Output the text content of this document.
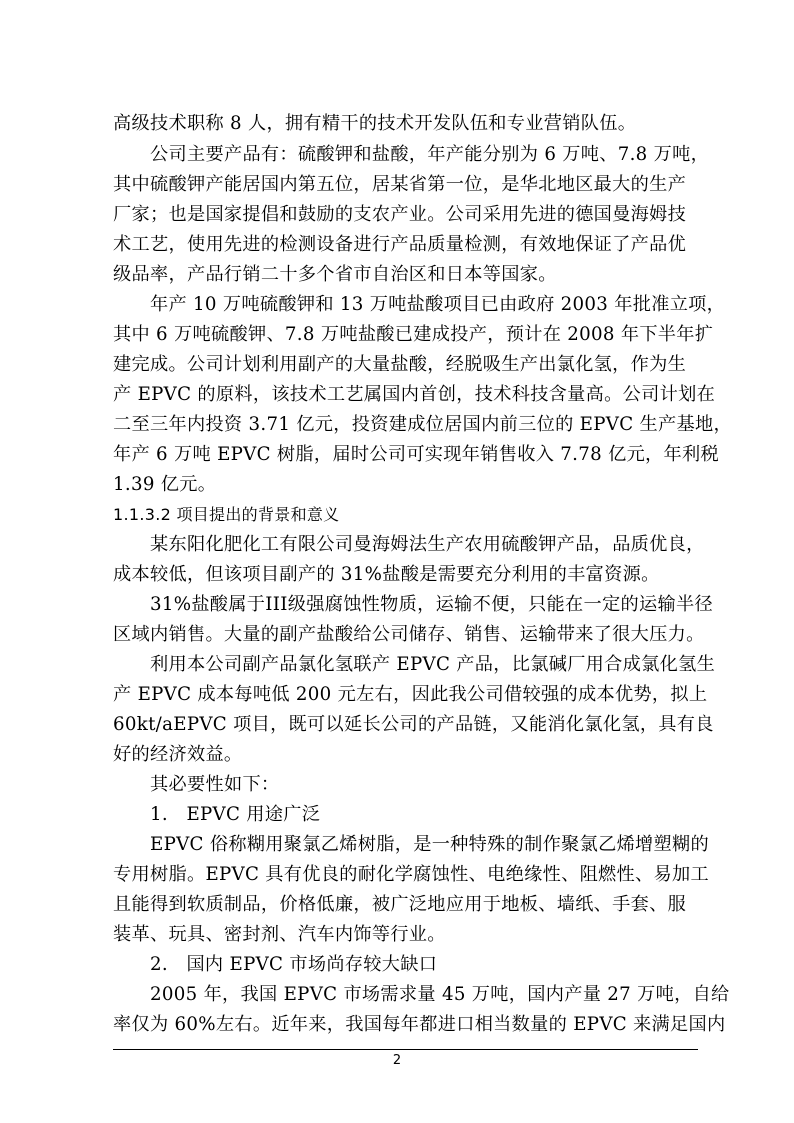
高级技术职称 8 人，拥有精干的技术开发队伍和专业营销队伍。
公司主要产品有：硫酸钾和盐酸，年产能分别为 6 万吨、7.8 万吨，
其中硫酸钾产能居国内第五位，居某省第一位，是华北地区最大的生产
厂家；也是国家提倡和鼓励的支农产业。公司采用先进的德国曼海姆技
术工艺，使用先进的检测设备进行产品质量检测，有效地保证了产品优
级品率，产品行销二十多个省市自治区和日本等国家。
年产 10 万吨硫酸钾和 13 万吨盐酸项目已由政府 2003 年批准立项，
其中 6 万吨硫酸钾、7.8 万吨盐酸已建成投产，预计在 2008 年下半年扩
建完成。公司计划利用副产的大量盐酸，经脱吸生产出氯化氢，作为生
产 EPVC 的原料，该技术工艺属国内首创，技术科技含量高。公司计划在
二至三年内投资 3.71 亿元，投资建成位居国内前三位的 EPVC 生产基地，
年产 6 万吨 EPVC 树脂，届时公司可实现年销售收入 7.78 亿元，年利税
1.39 亿元。
1.1.3.2 项目提出的背景和意义
某东阳化肥化工有限公司曼海姆法生产农用硫酸钾产品，品质优良，
成本较低，但该项目副产的 31%盐酸是需要充分利用的丰富资源。
31%盐酸属于III级强腐蚀性物质，运输不便，只能在一定的运输半径
区域内销售。大量的副产盐酸给公司储存、销售、运输带来了很大压力。
利用本公司副产品氯化氢联产 EPVC 产品，比氯碱厂用合成氯化氢生
产 EPVC 成本每吨低 200 元左右，因此我公司借较强的成本优势，拟上
60kt/aEPVC 项目，既可以延长公司的产品链，又能消化氯化氢，具有良
好的经济效益。
其必要性如下：
1.　EPVC 用途广泛
EPVC 俗称糊用聚氯乙烯树脂，是一种特殊的制作聚氯乙烯增塑糊的
专用树脂。EPVC 具有优良的耐化学腐蚀性、电绝缘性、阻燃性、易加工
且能得到软质制品，价格低廉，被广泛地应用于地板、墙纸、手套、服
装革、玩具、密封剂、汽车内饰等行业。
2.　国内 EPVC 市场尚存较大缺口
2005 年，我国 EPVC 市场需求量 45 万吨，国内产量 27 万吨，自给
率仅为 60%左右。近年来，我国每年都进口相当数量的 EPVC 来满足国内
2
